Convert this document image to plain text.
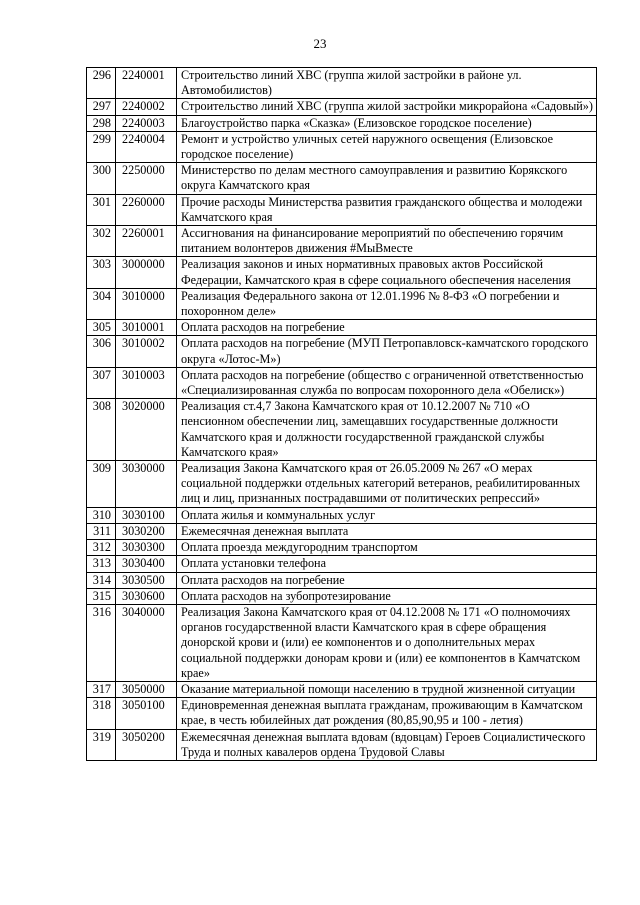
23
296	2240001	Строительство линий ХВС (группа жилой застройки в районе ул. Автомобилистов)
297	2240002	Строительство линий ХВС (группа жилой застройки микрорайона «Садовый»)
298	2240003	Благоустройство парка «Сказка» (Елизовское городское поселение)
299	2240004	Ремонт и устройство уличных сетей наружного освещения (Елизовское городское поселение)
300	2250000	Министерство по делам местного самоуправления и развитию Корякского округа Камчатского края
301	2260000	Прочие расходы Министерства развития гражданского общества и молодежи Камчатского края
302	2260001	Ассигнования на финансирование мероприятий по обеспечению горячим питанием волонтеров движения #МыВместе
303	3000000	Реализация законов и иных нормативных правовых актов Российской Федерации, Камчатского края в сфере социального обеспечения населения
304	3010000	Реализация Федерального закона от 12.01.1996 № 8-ФЗ «О погребении и похоронном деле»
305	3010001	Оплата расходов на погребение
306	3010002	Оплата расходов на погребение (МУП Петропавловск-камчатского городского округа «Лотос-М»)
307	3010003	Оплата расходов на погребение (общество с ограниченной ответственностью «Специализированная служба по вопросам похоронного дела «Обелиск»)
308	3020000	Реализация ст.4,7 Закона Камчатского края от 10.12.2007 № 710 «О пенсионном обеспечении лиц, замещавших государственные должности Камчатского края и должности государственной гражданской службы Камчатского края»
309	3030000	Реализация Закона Камчатского края от 26.05.2009 № 267 «О мерах социальной поддержки отдельных категорий ветеранов, реабилитированных лиц и лиц, признанных пострадавшими от политических репрессий»
310	3030100	Оплата жилья и коммунальных услуг
311	3030200	Ежемесячная денежная выплата
312	3030300	Оплата проезда междугородним транспортом
313	3030400	Оплата установки телефона
314	3030500	Оплата расходов на погребение
315	3030600	Оплата расходов на зубопротезирование
316	3040000	Реализация Закона Камчатского края от 04.12.2008 № 171 «О полномочиях органов государственной власти Камчатского края в сфере обращения донорской крови и (или) ее компонентов и о дополнительных мерах социальной поддержки донорам крови и (или) ее компонентов в Камчатском крае»
317	3050000	Оказание материальной помощи населению в трудной жизненной ситуации
318	3050100	Единовременная денежная выплата гражданам, проживающим в Камчатском крае, в честь юбилейных дат рождения (80,85,90,95 и 100 - летия)
319	3050200	Ежемесячная денежная выплата вдовам (вдовцам) Героев Социалистического Труда и полных кавалеров ордена Трудовой Славы
